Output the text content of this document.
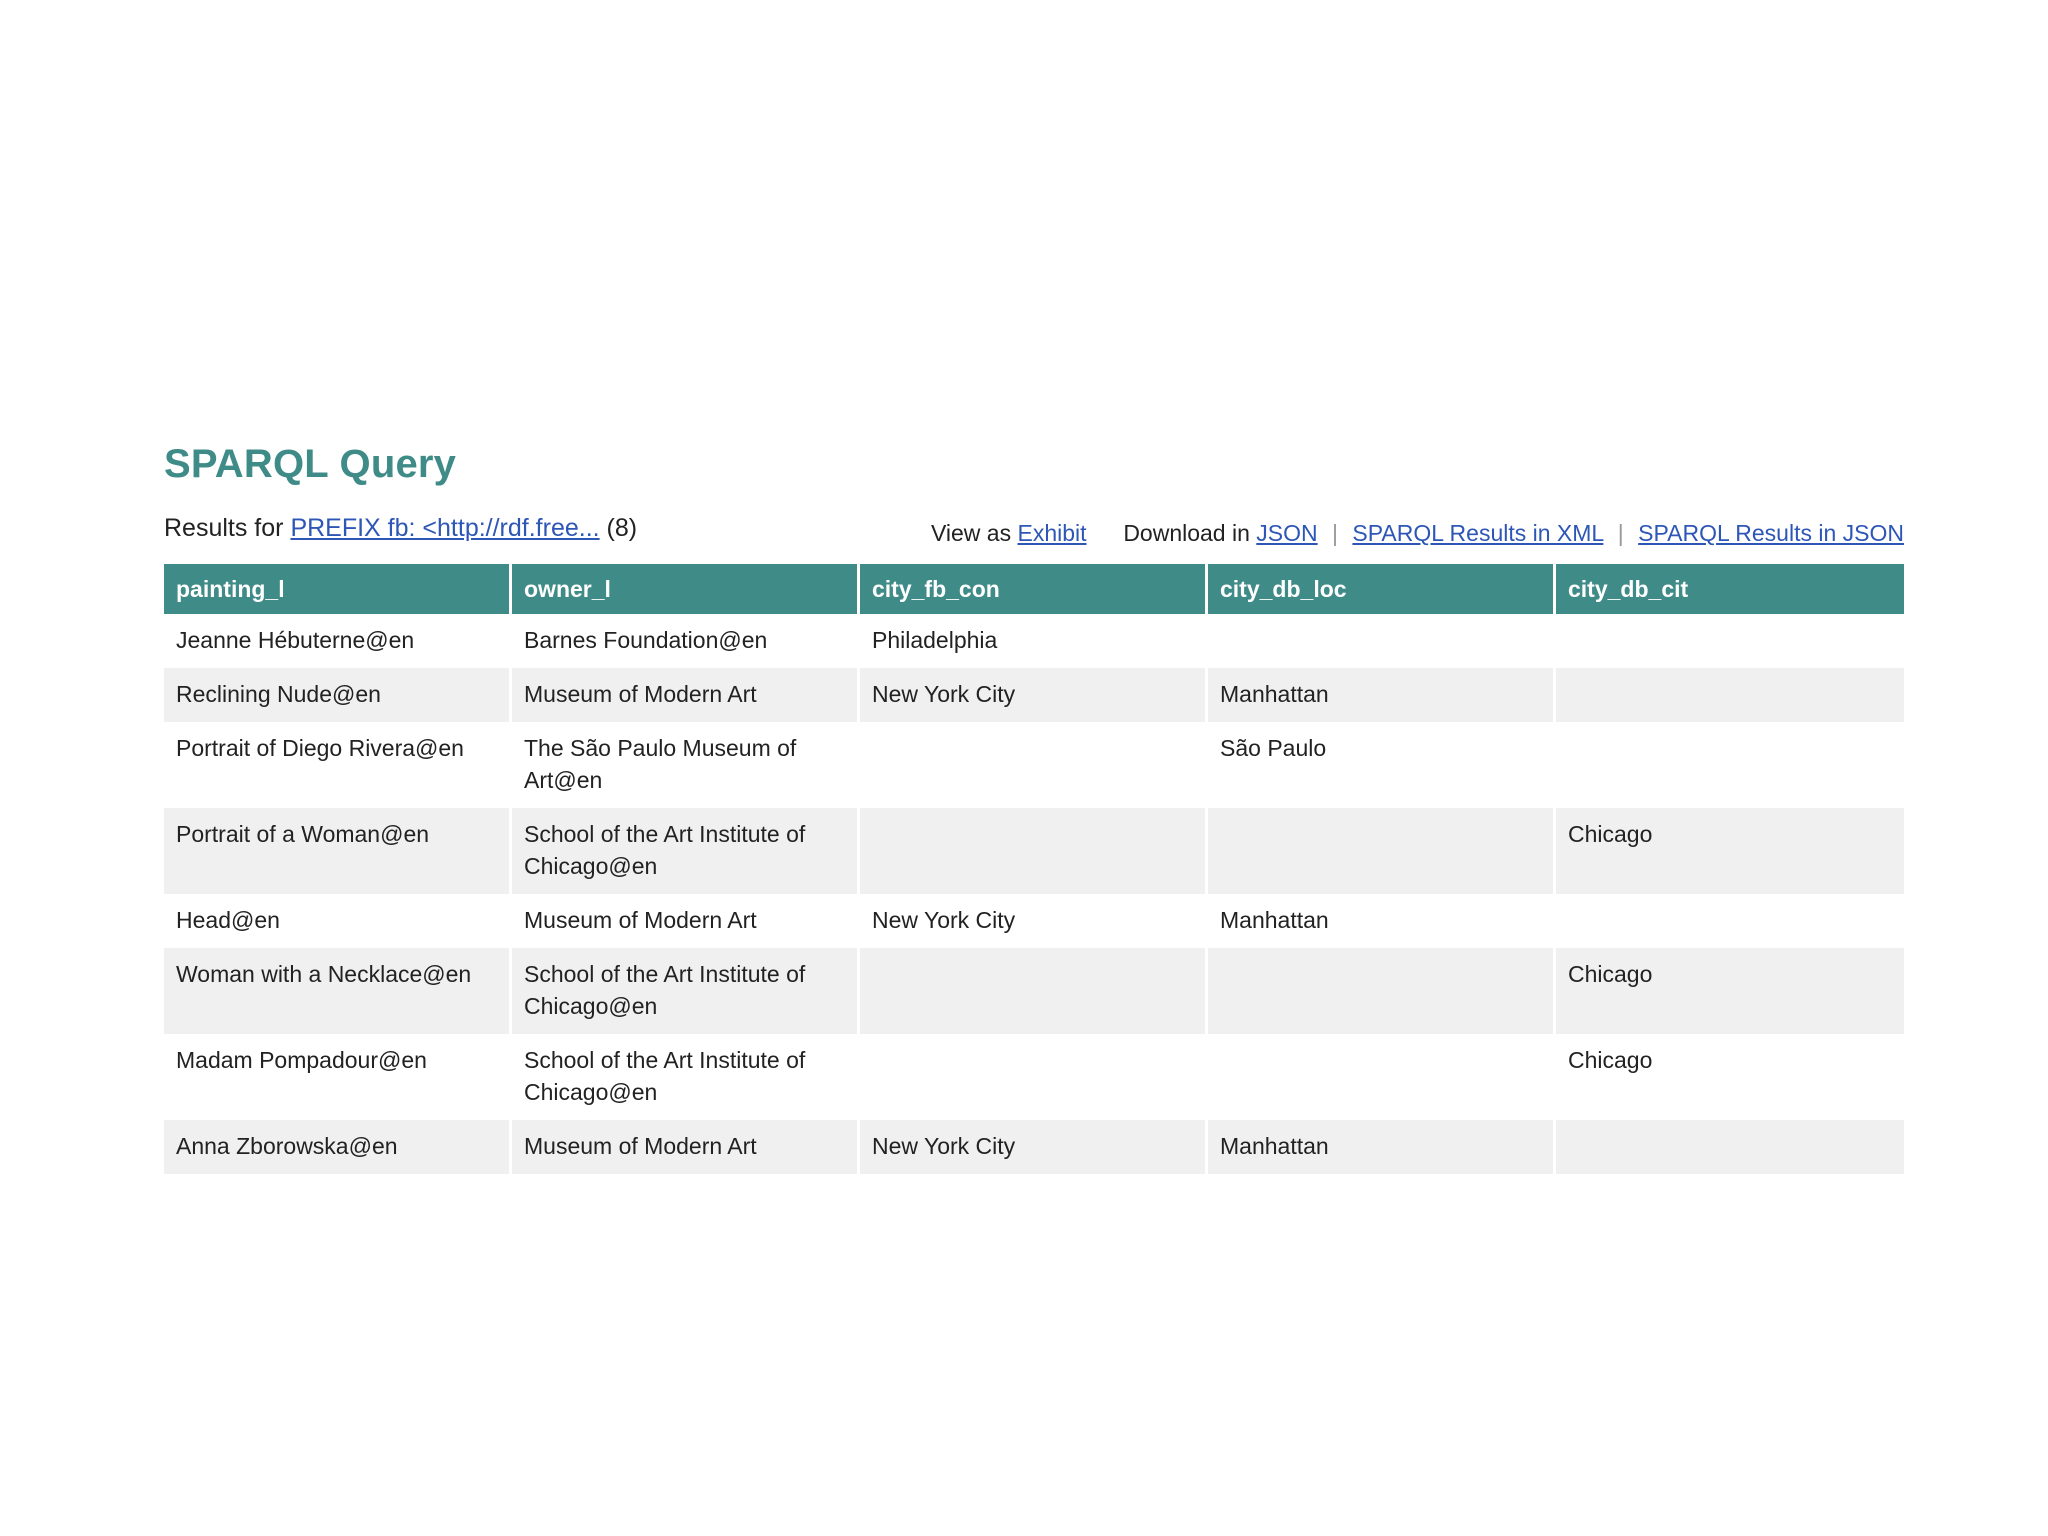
SPARQL Query
Results for PREFIX fb: <http://rdf.free... (8)	View as Exhibit Download in JSON | SPARQL Results in XML | SPARQL Results in JSON
painting_l	owner_l	city_fb_con	city_db_loc	city_db_cit
Jeanne Hébuterne@en	Barnes Foundation@en	Philadelphia		
Reclining Nude@en	Museum of Modern Art	New York City	Manhattan	
Portrait of Diego Rivera@en	The São Paulo Museum of Art@en		São Paulo	
Portrait of a Woman@en	School of the Art Institute of Chicago@en			Chicago
Head@en	Museum of Modern Art	New York City	Manhattan	
Woman with a Necklace@en	School of the Art Institute of Chicago@en			Chicago
Madam Pompadour@en	School of the Art Institute of Chicago@en			Chicago
Anna Zborowska@en	Museum of Modern Art	New York City	Manhattan	
